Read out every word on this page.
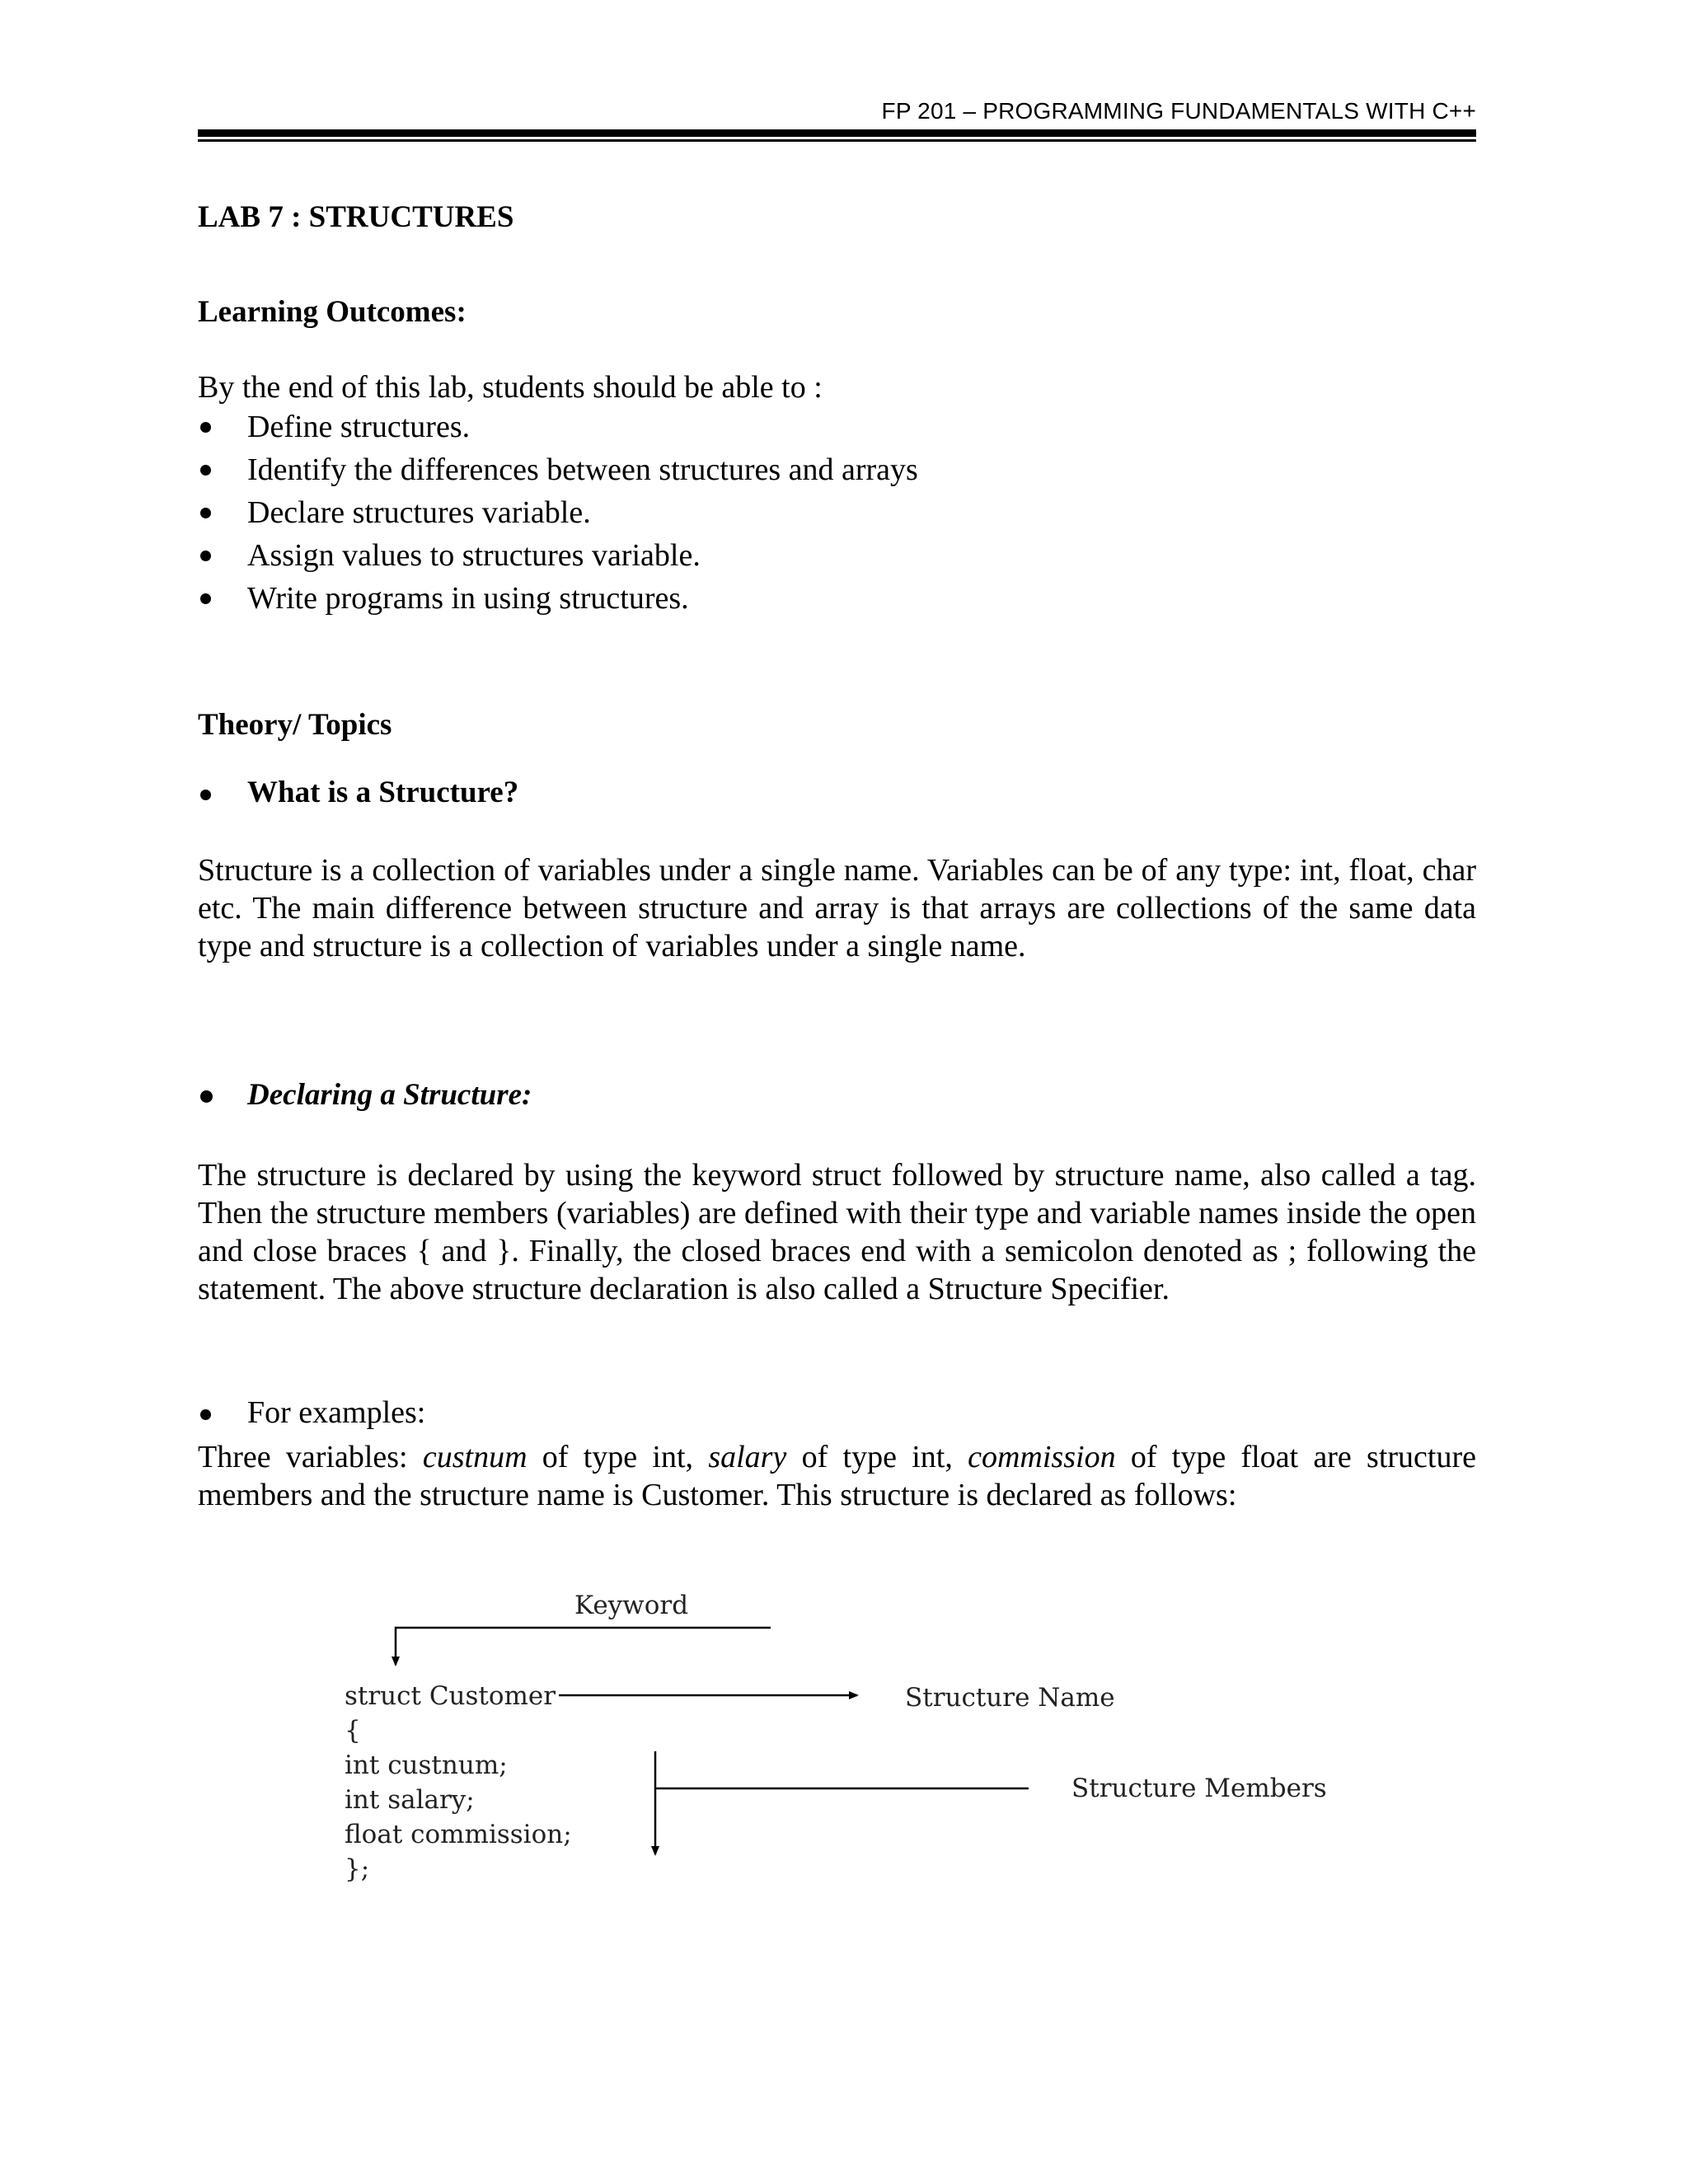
FP 201 – PROGRAMMING FUNDAMENTALS WITH C++
LAB 7 : STRUCTURES
Learning Outcomes:
By the end of this lab, students should be able to :
Define structures.
Identify the differences between structures and arrays
Declare structures variable.
Assign values to structures variable.
Write programs in using structures.
Theory/ Topics
What is a Structure?
Structure is a collection of variables under a single name. Variables can be of any type: int, float, char etc. The main difference between structure and array is that arrays are collections of the same data type and structure is a collection of variables under a single name.
Declaring a Structure:
The structure is declared by using the keyword struct followed by structure name, also called a tag. Then the structure members (variables) are defined with their type and variable names inside the open and close braces { and }. Finally, the closed braces end with a semicolon denoted as ; following the statement. The above structure declaration is also called a Structure Specifier.
For examples:
Three variables: custnum of type int, salary of type int, commission of type float are structure members and the structure name is Customer. This structure is declared as follows:
Keyword
struct Customer
{
int custnum;
int salary;
float commission;
};
Structure Name
Structure Members
